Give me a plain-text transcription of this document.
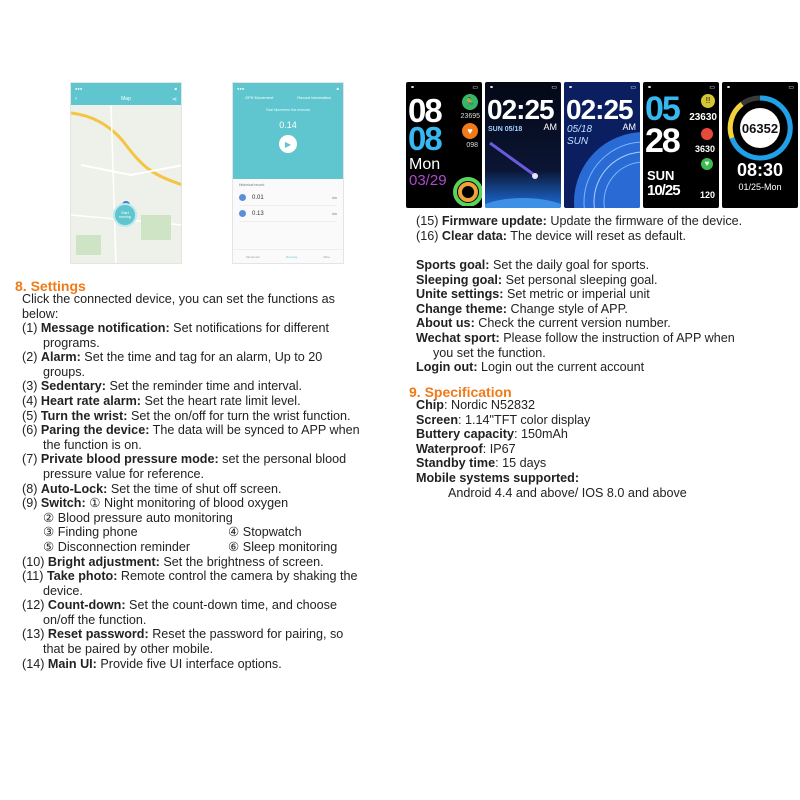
●●●	■
‹	Map	⋖
Start running
●●●	■
GPS Movement	Record information
Total kilometers this exercise
0.14
▶
Historical record
0.01	km
0.13	km
Movement	Running	Mine
⚭	▭
08
08
🏃
23695
♥
098
Mon
03/29
⚭	▭
02:25
AM
SUN 05/18
⚭	▭
02:25
AM
05/18
SUN
⚭	▭
05
28
!!
23630
3630
♥
SUN
10/25 120
⚭	▭
06352
08:30
01/25-Mon
8. Settings
Click the connected device, you can set the functions as
below:
(1) Message notification: Set notifications for different
programs.
(2) Alarm: Set the time and tag for an alarm, Up to 20
groups.
(3) Sedentary: Set the reminder time and interval.
(4) Heart rate alarm: Set the heart rate limit level.
(5) Turn the wrist: Set the on/off for turn the wrist function.
(6) Paring the device: The data will be synced to APP when
the function is on.
(7) Private blood pressure mode: set the personal blood
pressure value for reference.
(8) Auto-Lock: Set the time of shut off screen.
(9) Switch: ① Night monitoring of blood oxygen
② Blood pressure auto monitoring
③ Finding phone	④ Stopwatch
⑤ Disconnection reminder	⑥ Sleep monitoring
(10) Bright adjustment: Set the brightness of screen.
(11) Take photo: Remote control the camera by shaking the
device.
(12) Count-down: Set the count-down time, and choose
on/off the function.
(13) Reset password: Reset the password for pairing, so
that be paired by other mobile.
(14) Main UI: Provide five UI interface options.
(15) Firmware update: Update the firmware of the device.
(16) Clear data: The device will reset as default.
Sports goal: Set the daily goal for sports.
Sleeping goal: Set personal sleeping goal.
Unite settings: Set metric or imperial unit
Change theme: Change style of APP.
About us: Check the current version number.
Wechat sport: Please follow the instruction of APP when
you set the function.
Login out: Login out the current account
9. Specification
Chip: Nordic N52832
Screen: 1.14"TFT color display
Buttery capacity: 150mAh
Waterproof: IP67
Standby time: 15 days
Mobile systems supported:
Android 4.4 and above/ IOS 8.0 and above
